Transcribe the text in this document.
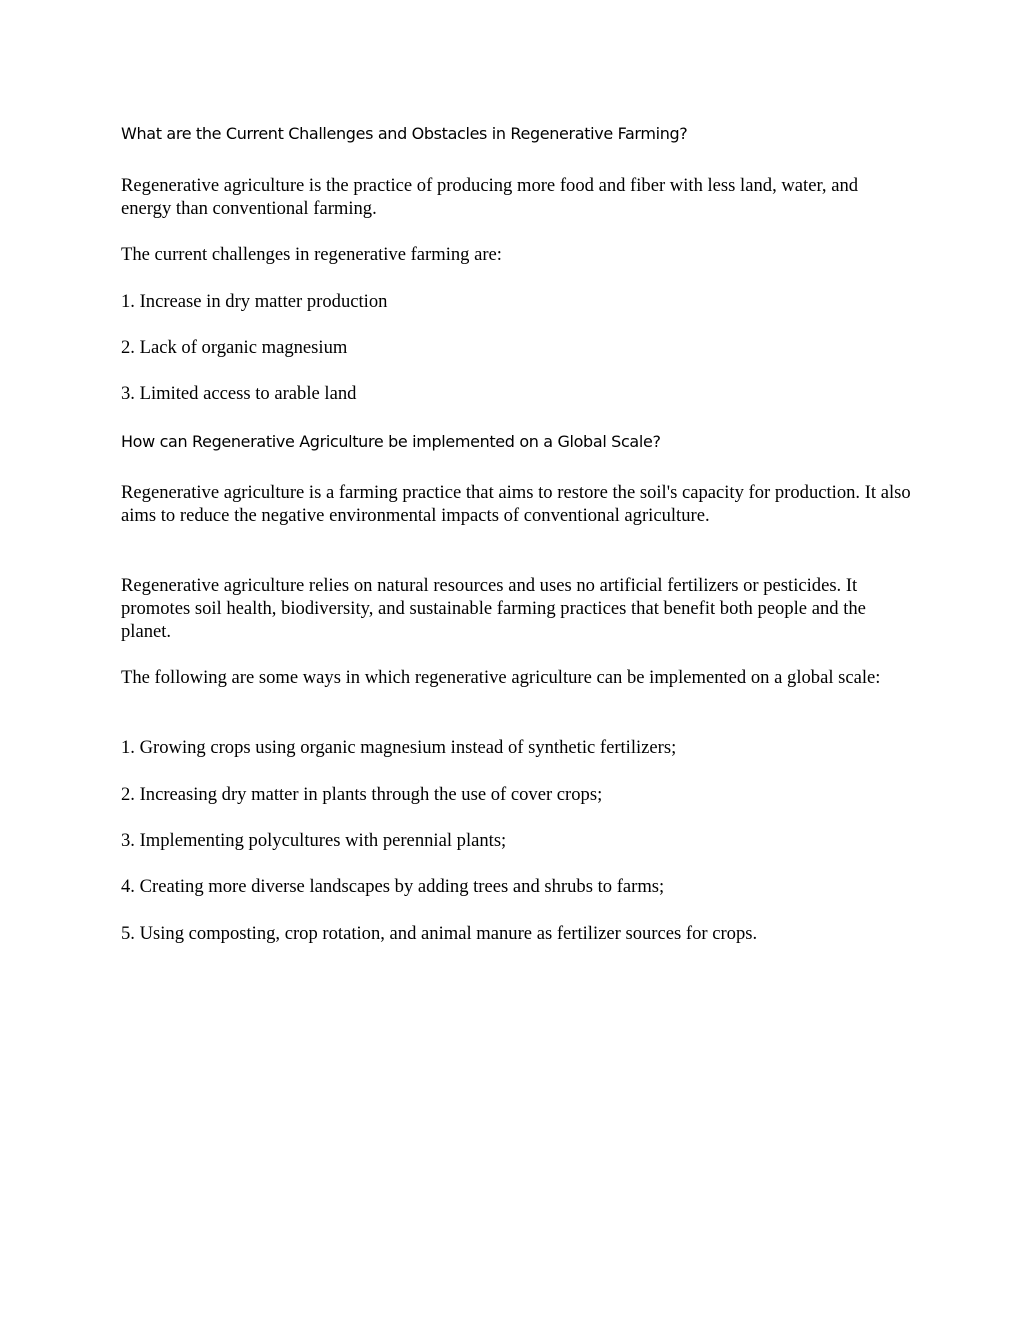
What are the Current Challenges and Obstacles in Regenerative Farming?

Regenerative agriculture is the practice of producing more food and fiber with less land, water, and energy than conventional farming.

The current challenges in regenerative farming are:

1. Increase in dry matter production

2. Lack of organic magnesium

3. Limited access to arable land

How can Regenerative Agriculture be implemented on a Global Scale?

Regenerative agriculture is a farming practice that aims to restore the soil's capacity for production. It also aims to reduce the negative environmental impacts of conventional agriculture.

Regenerative agriculture relies on natural resources and uses no artificial fertilizers or pesticides. It promotes soil health, biodiversity, and sustainable farming practices that benefit both people and the planet.

The following are some ways in which regenerative agriculture can be implemented on a global scale:

1. Growing crops using organic magnesium instead of synthetic fertilizers;

2. Increasing dry matter in plants through the use of cover crops;

3. Implementing polycultures with perennial plants;

4. Creating more diverse landscapes by adding trees and shrubs to farms;

5. Using composting, crop rotation, and animal manure as fertilizer sources for crops.
